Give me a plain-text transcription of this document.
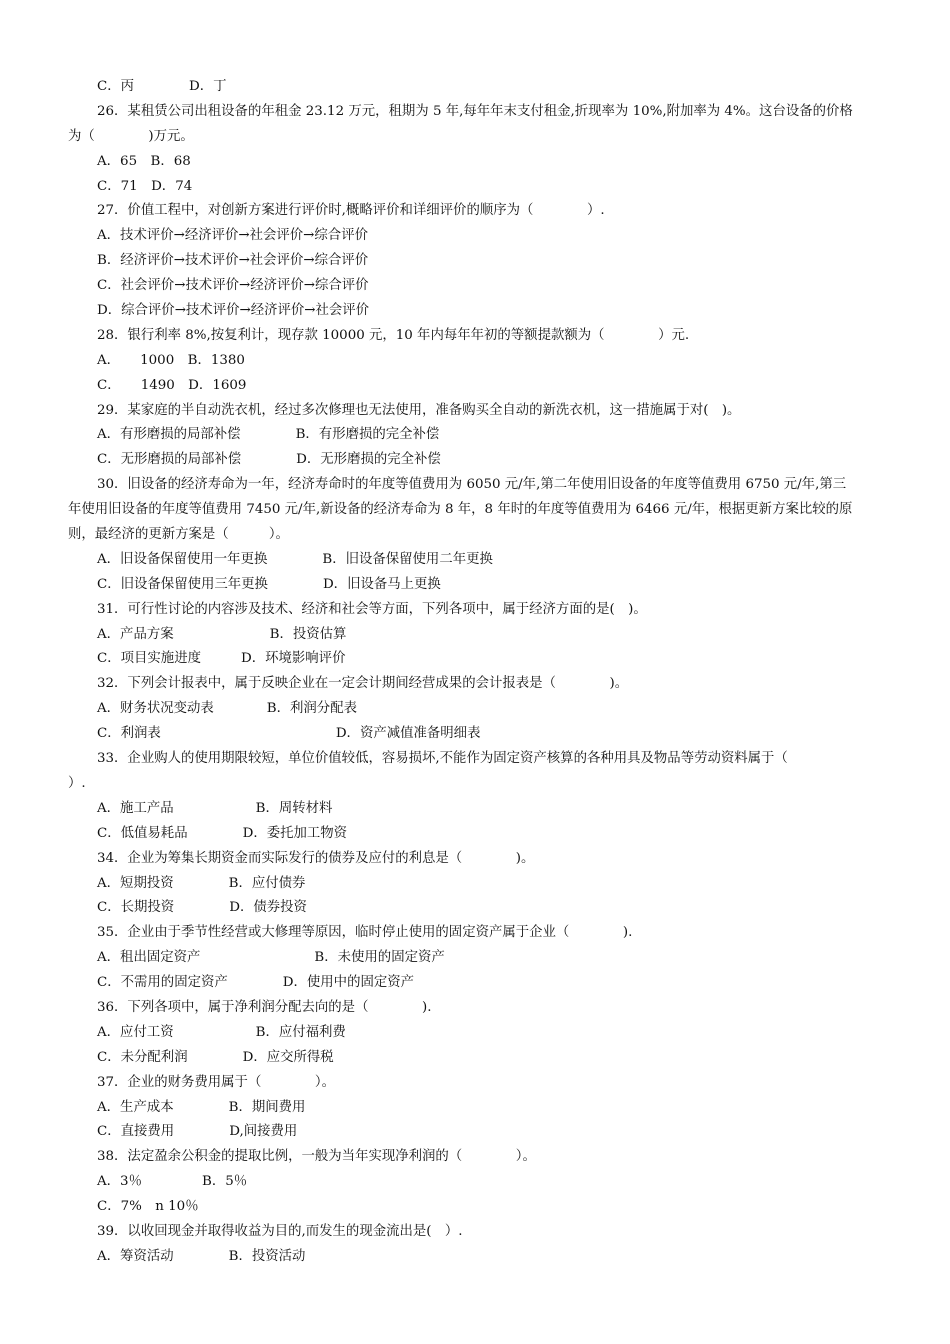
C．丙	D．丁
26．某租赁公司出租设备的年租金 23.12 万元，租期为 5 年,每年年末支付租金,折现率为 10%,附加率为 4%。这台设备的价格
为（　　　　)万元。
A．65　B．68
C．71　D．74
27．价值工程中，对创新方案进行评价时,概略评价和详细评价的顺序为（　　　　）.
A．技术评价→经济评价→社会评价→综合评价
B．经济评价→技术评价→社会评价→综合评价
C．社会评价→技术评价→经济评价→综合评价
D．综合评价→技术评价→经济评价→社会评价
28．银行利率 8%,按复利计，现存款 10000 元，10 年内每年年初的等额提款额为（　　　　）元.
A．　　1000　B．1380
C．　　1490　D．1609
29．某家庭的半自动洗衣机，经过多次修理也无法使用，准备购买全自动的新洗衣机，这一措施属于对(　)。
A．有形磨损的局部补偿	B．有形磨损的完全补偿
C．无形磨损的局部补偿	D．无形磨损的完全补偿
30．旧设备的经济寿命为一年，经济寿命时的年度等值费用为 6050 元/年,第二年使用旧设备的年度等值费用 6750 元/年,第三
年使用旧设备的年度等值费用 7450 元/年,新设备的经济寿命为 8 年，8 年时的年度等值费用为 6466 元/年，根据更新方案比较的原
则，最经济的更新方案是（　　　）。
A．旧设备保留使用一年更换	B．旧设备保留使用二年更换
C．旧设备保留使用三年更换	D．旧设备马上更换
31．可行性讨论的内容涉及技术、经济和社会等方面，下列各项中，属于经济方面的是(　)。
A．产品方案	B．投资估算
C．项目实施进度	D．环境影响评价
32．下列会计报表中，属于反映企业在一定会计期间经营成果的会计报表是（　　　　)。
A．财务状况变动表	B．利润分配表
C．利润表	D．资产减值准备明细表
33．企业购人的使用期限较短，单位价值较低，容易损坏,不能作为固定资产核算的各种用具及物品等劳动资料属于（
）.
A．施工产品	B．周转材料
C．低值易耗品	D．委托加工物资
34．企业为筹集长期资金而实际发行的债券及应付的利息是（　　　　)。
A．短期投资	B．应付债券
C．长期投资	D．债券投资
35．企业由于季节性经营或大修理等原因，临时停止使用的固定资产属于企业（　　　　).
A．租出固定资产	B．未使用的固定资产
C．不需用的固定资产	D．使用中的固定资产
36．下列各项中，属于净利润分配去向的是（　　　　).
A．应付工资	B．应付福利费
C．未分配利润	D．应交所得税
37．企业的财务费用属于（　　　　）。
A．生产成本	B．期间费用
C．直接费用	D,间接费用
38．法定盈余公积金的提取比例，一般为当年实现净利润的（　　　　）。
A．3％	B．5％
C．7%　n 10％
39．以收回现金并取得收益为目的,而发生的现金流出是(　）.
A．筹资活动	B．投资活动
